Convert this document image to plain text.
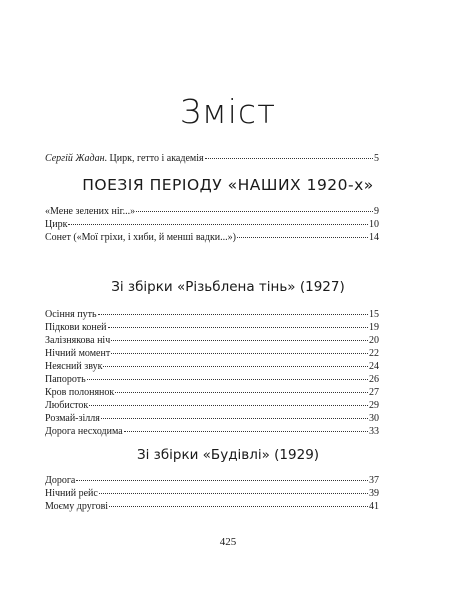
Зміст
Сергій Жадан. Цирк, гетто і академія	5
ПОЕЗІЯ ПЕРІОДУ «НАШИХ 1920-х»
«Мене зелених ніг...»	9
Цирк	10
Сонет («Мої гріхи, і хиби, й менші вадки...»)	14
Зі збірки «Різьблена тінь» (1927)
Осіння путь	15
Підкови коней	19
Залізнякова ніч	20
Нічний момент	22
Неясний звук	24
Папороть	26
Кров полонянок	27
Любисток	29
Розмай-зілля	30
Дорога несходима	33
Зі збірки «Будівлі» (1929)
Дорога	37
Нічний рейс	39
Моєму другові	41
425
